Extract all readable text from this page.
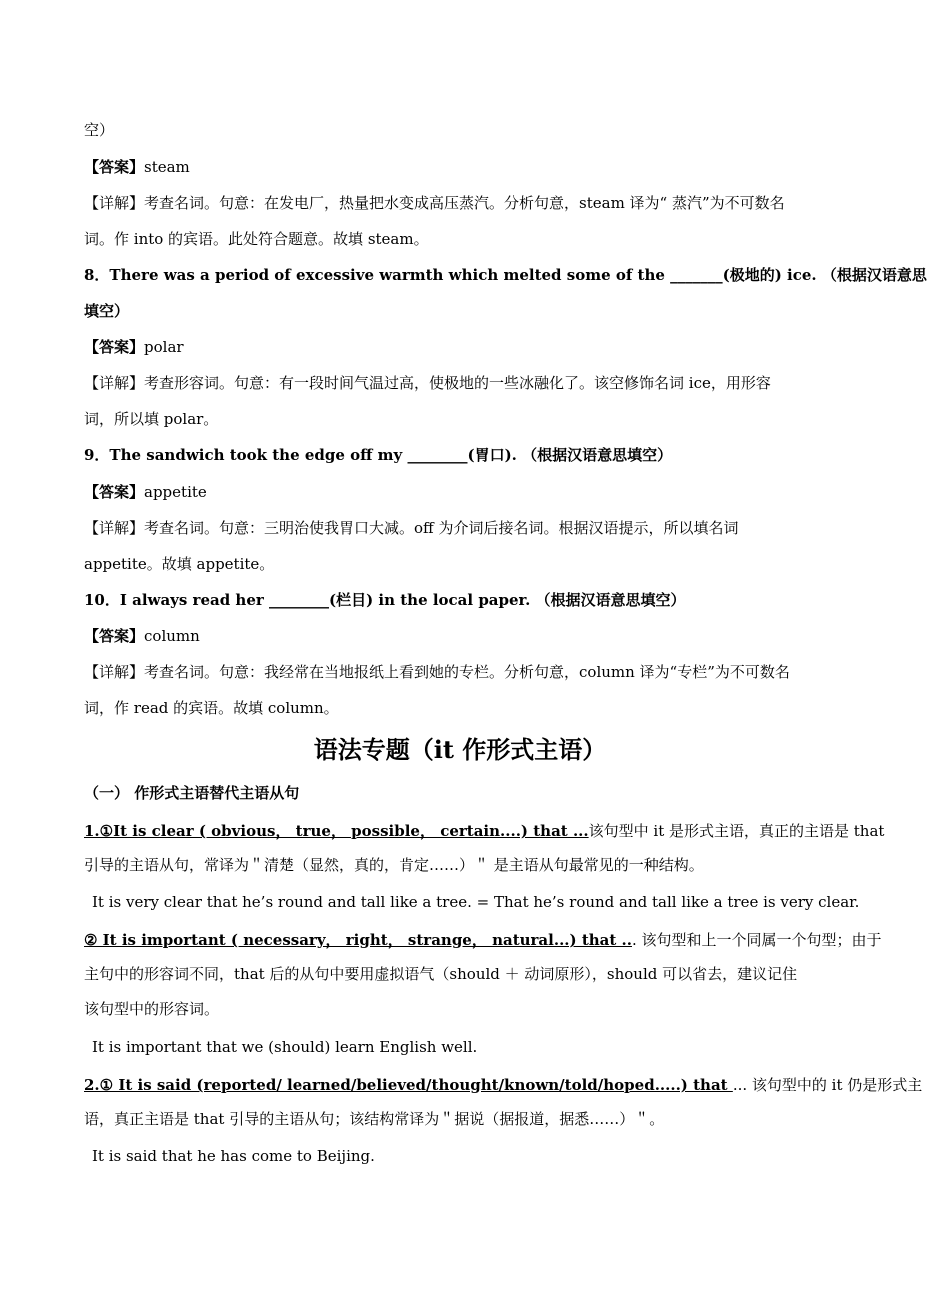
空）
【答案】steam
【详解】考查名词。句意：在发电厂，热量把水变成高压蒸汽。分析句意，steam 译为“ 蒸汽”为不可数名
词。作 into 的宾语。此处符合题意。故填 steam。
8．There was a period of excessive warmth which melted some of the _______(极地的) ice. （根据汉语意思
填空）
【答案】polar
【详解】考查形容词。句意：有一段时间气温过高，使极地的一些冰融化了。该空修饰名词 ice，用形容
词，所以填 polar。
9．The sandwich took the edge off my ________(胃口). （根据汉语意思填空）
【答案】appetite
【详解】考查名词。句意：三明治使我胃口大减。off 为介词后接名词。根据汉语提示，所以填名词
appetite。故填 appetite。
10．I always read her ________(栏目) in the local paper. （根据汉语意思填空）
【答案】column
【详解】考查名词。句意：我经常在当地报纸上看到她的专栏。分析句意，column 译为“专栏”为不可数名
词，作 read 的宾语。故填 column。
语法专题（it 作形式主语）
（一） 作形式主语替代主语从句
1.①It is clear ( obvious， true， possible， certain....) that ...该句型中 it 是形式主语，真正的主语是 that
引导的主语从句，常译为＂清楚（显然，真的，肯定……）＂ 是主语从句最常见的一种结构。
It is very clear that he’s round and tall like a tree. = That he’s round and tall like a tree is very clear.
② It is important ( necessary， right， strange， natural...) that ... 该句型和上一个同属一个句型；由于
主句中的形容词不同，that 后的从句中要用虚拟语气（should ＋ 动词原形），should 可以省去，建议记住
该句型中的形容词。
It is important that we (should) learn English well.
2.① It is said (reported/ learned/believed/thought/known/told/hoped.....) that ... 该句型中的 it 仍是形式主
语，真正主语是 that 引导的主语从句；该结构常译为＂据说（据报道，据悉……）＂。
It is said that he has come to Beijing.
